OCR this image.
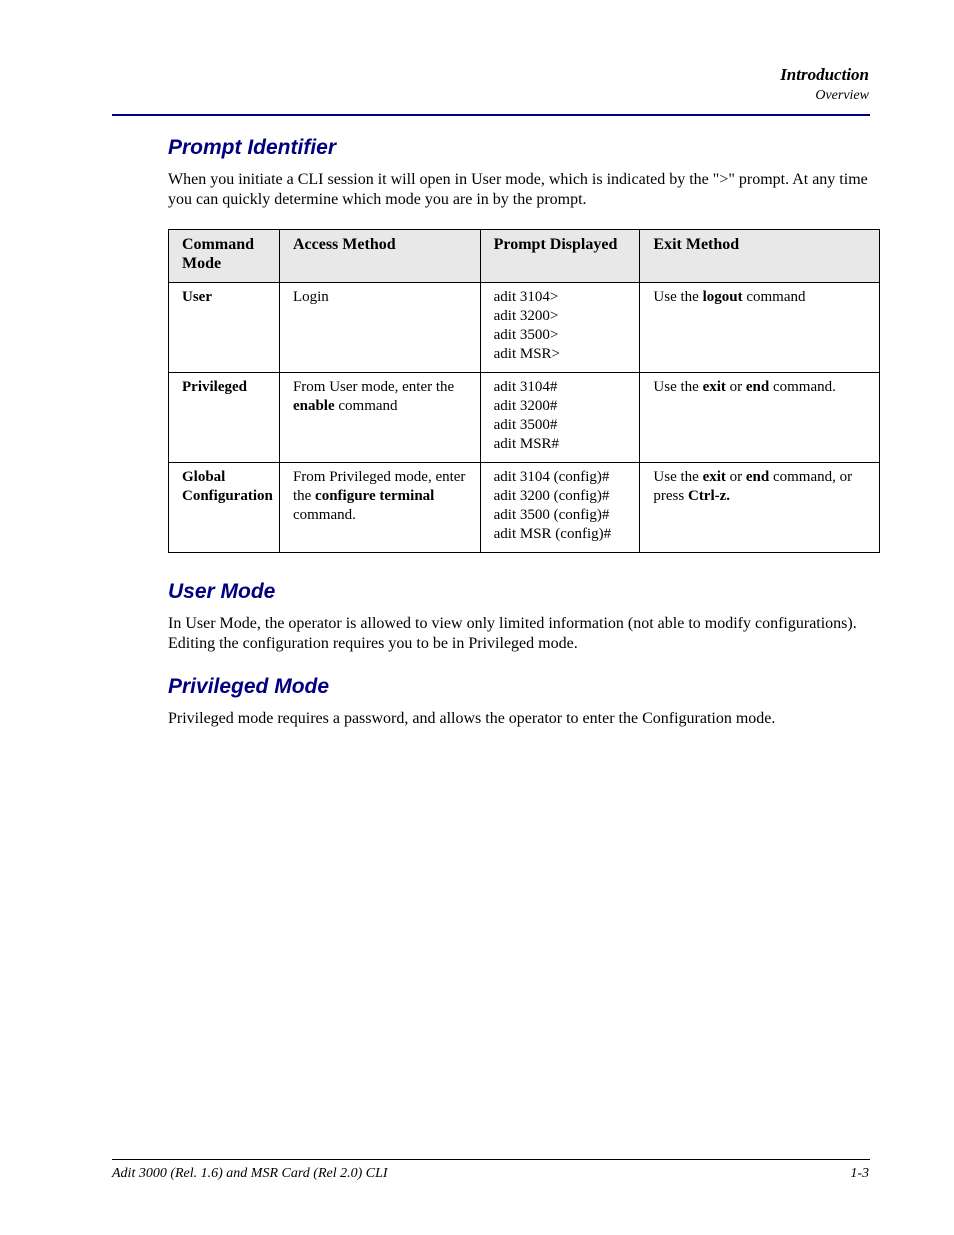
Introduction
Overview
Prompt Identifier

When you initiate a CLI session it will open in User mode, which is indicated by the ">" prompt. At any time you can quickly determine which mode you are in by the prompt.

Command Mode	Access Method	Prompt Displayed	Exit Method
User	Login	adit 3104>
adit 3200>
adit 3500>
adit MSR>	Use the logout command
Privileged	From User mode, enter the enable command	adit 3104#
adit 3200#
adit 3500#
adit MSR#	Use the exit or end command.
Global Configuration	From Privileged mode, enter the configure terminal command.	adit 3104 (config)#
adit 3200 (config)#
adit 3500 (config)#
adit MSR (config)#	Use the exit or end command, or press Ctrl-z.
User Mode

In User Mode, the operator is allowed to view only limited information (not able to modify configurations). Editing the configuration requires you to be in Privileged mode.

Privileged Mode

Privileged mode requires a password, and allows the operator to enter the Configuration mode.

Adit 3000 (Rel. 1.6) and MSR Card (Rel 2.0) CLI	1-3
